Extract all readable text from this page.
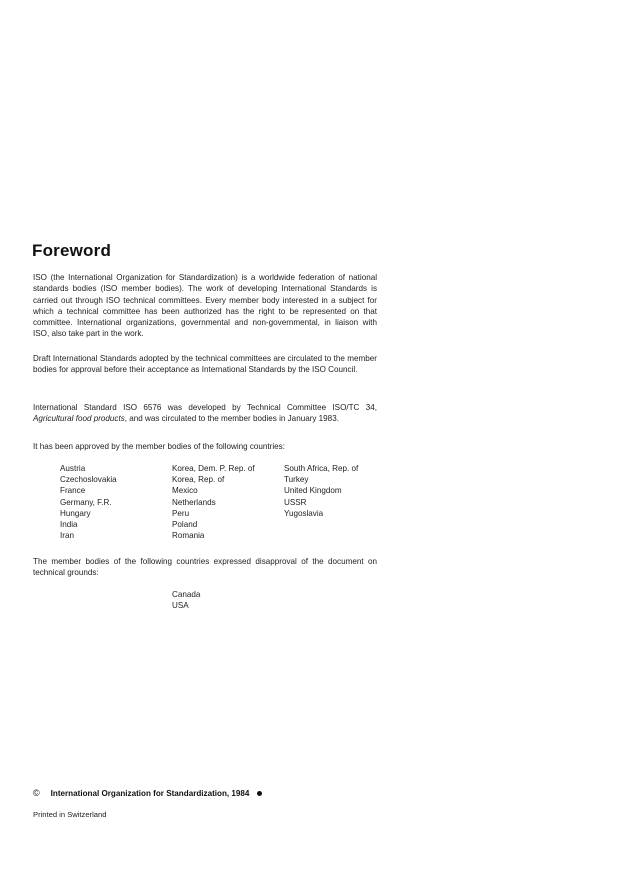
Foreword

ISO (the International Organization for Standardization) is a worldwide federation of national standards bodies (ISO member bodies). The work of developing International Standards is carried out through ISO technical committees. Every member body interested in a subject for which a technical committee has been authorized has the right to be represented on that committee. International organizations, governmental and non-governmental, in liaison with ISO, also take part in the work.

Draft International Standards adopted by the technical committees are circulated to the member bodies for approval before their acceptance as International Standards by the ISO Council.

International Standard ISO 6576 was developed by Technical Committee ISO/TC 34, Agricultural food products, and was circulated to the member bodies in January 1983.

It has been approved by the member bodies of the following countries:

Austria
Czechoslovakia
France
Germany, F.R.
Hungary
India
Iran
Korea, Dem. P. Rep. of
Korea, Rep. of
Mexico
Netherlands
Peru
Poland
Romania
South Africa, Rep. of
Turkey
United Kingdom
USSR
Yugoslavia

The member bodies of the following countries expressed disapproval of the document on technical grounds:

Canada
USA
© International Organization for Standardization, 1984
Printed in Switzerland
